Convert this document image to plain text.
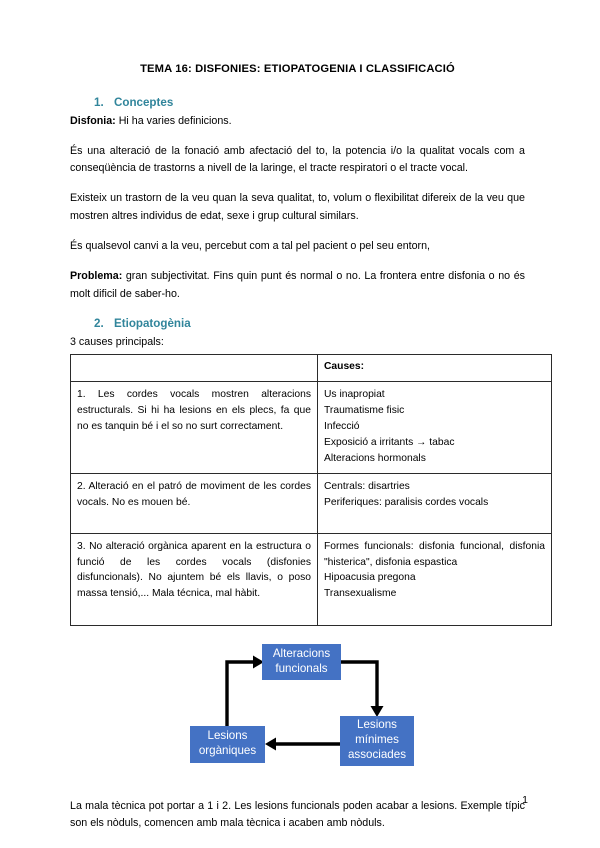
TEMA 16: DISFONIES: ETIOPATOGENIA I CLASSIFICACIÓ
1. Conceptes

Disfonia: Hi ha varies definicions.

És una alteració de la fonació amb afectació del to, la potencia i/o la qualitat vocals com a conseqüència de trastorns a nivell de la laringe, el tracte respiratori o el tracte vocal.

Existeix un trastorn de la veu quan la seva qualitat, to, volum o flexibilitat difereix de la veu que mostren altres individus de edat, sexe i grup cultural similars.

És qualsevol canvi a la veu, percebut com a tal pel pacient o pel seu entorn,

Problema: gran subjectivitat. Fins quin punt és normal o no. La frontera entre disfonia o no és molt dificil de saber-ho.

2. Etiopatogènia

3 causes principals:

	Causes:

1. Les cordes vocals mostren alteracions estructurals. Si hi ha lesions en els plecs, fa que no es tanquin bé i el so no surt correctament.	Us inapropiat
Traumatisme fisic
Infecció
Exposició a irritants → tabac
Alteracions hormonals

2. Alteració en el patró de moviment de les cordes vocals. No es mouen bé.	Centrals: disartries
Periferiques: paralisis cordes vocals

3. No alteració orgànica aparent en la estructura o funció de les cordes vocals (disfonies disfuncionals). No ajuntem bé els llavis, o poso massa tensió,... Mala técnica, mal hàbit.	Formes funcionals: disfonia funcional, disfonia "histerica", disfonia espastica
Hipoacusia pregona
Transexualisme
Alteracions
funcionals
Lesions
mínimes
associades
Lesions
orgàniques

La mala tècnica pot portar a 1 i 2. Les lesions funcionals poden acabar a lesions. Exemple típic son els nòduls, comencen amb mala tècnica i acaben amb nòduls.

1
